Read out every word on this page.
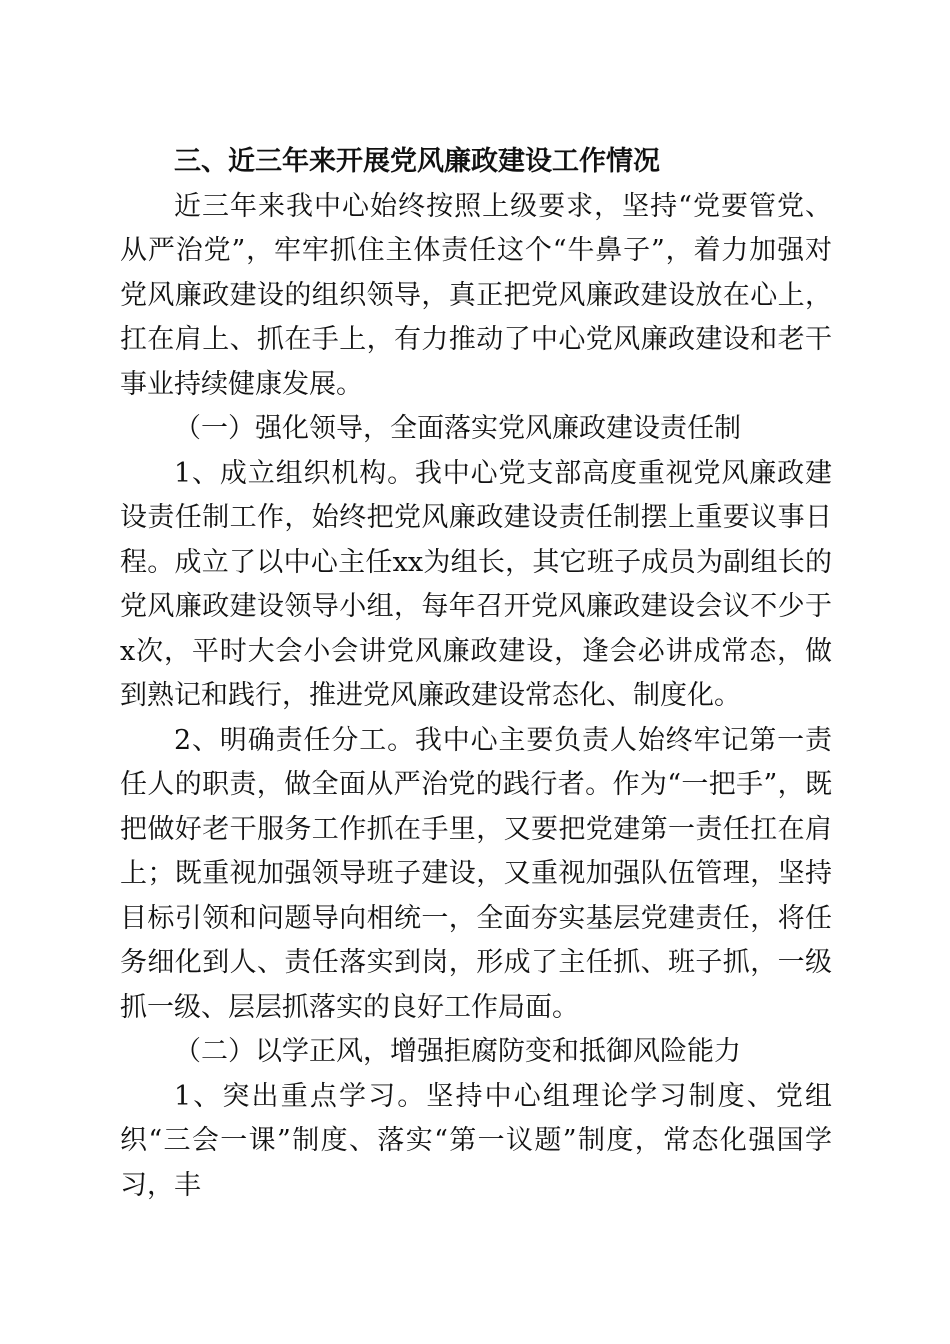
三、近三年来开展党风廉政建设工作情况

近三年来我中心始终按照上级要求，坚持“党要管党、从严治党”，牢牢抓住主体责任这个“牛鼻子”，着力加强对党风廉政建设的组织领导，真正把党风廉政建设放在心上，扛在肩上、抓在手上，有力推动了中心党风廉政建设和老干事业持续健康发展。

（一）强化领导，全面落实党风廉政建设责任制

1、成立组织机构。我中心党支部高度重视党风廉政建设责任制工作，始终把党风廉政建设责任制摆上重要议事日程。成立了以中心主任xx为组长，其它班子成员为副组长的党风廉政建设领导小组，每年召开党风廉政建设会议不少于x次，平时大会小会讲党风廉政建设，逢会必讲成常态，做到熟记和践行，推进党风廉政建设常态化、制度化。

2、明确责任分工。我中心主要负责人始终牢记第一责任人的职责，做全面从严治党的践行者。作为“一把手”，既把做好老干服务工作抓在手里，又要把党建第一责任扛在肩上；既重视加强领导班子建设，又重视加强队伍管理，坚持目标引领和问题导向相统一，全面夯实基层党建责任，将任务细化到人、责任落实到岗，形成了主任抓、班子抓，一级抓一级、层层抓落实的良好工作局面。

（二）以学正风，增强拒腐防变和抵御风险能力

1、突出重点学习。坚持中心组理论学习制度、党组织“三会一课”制度、落实“第一议题”制度，常态化强国学习，丰
